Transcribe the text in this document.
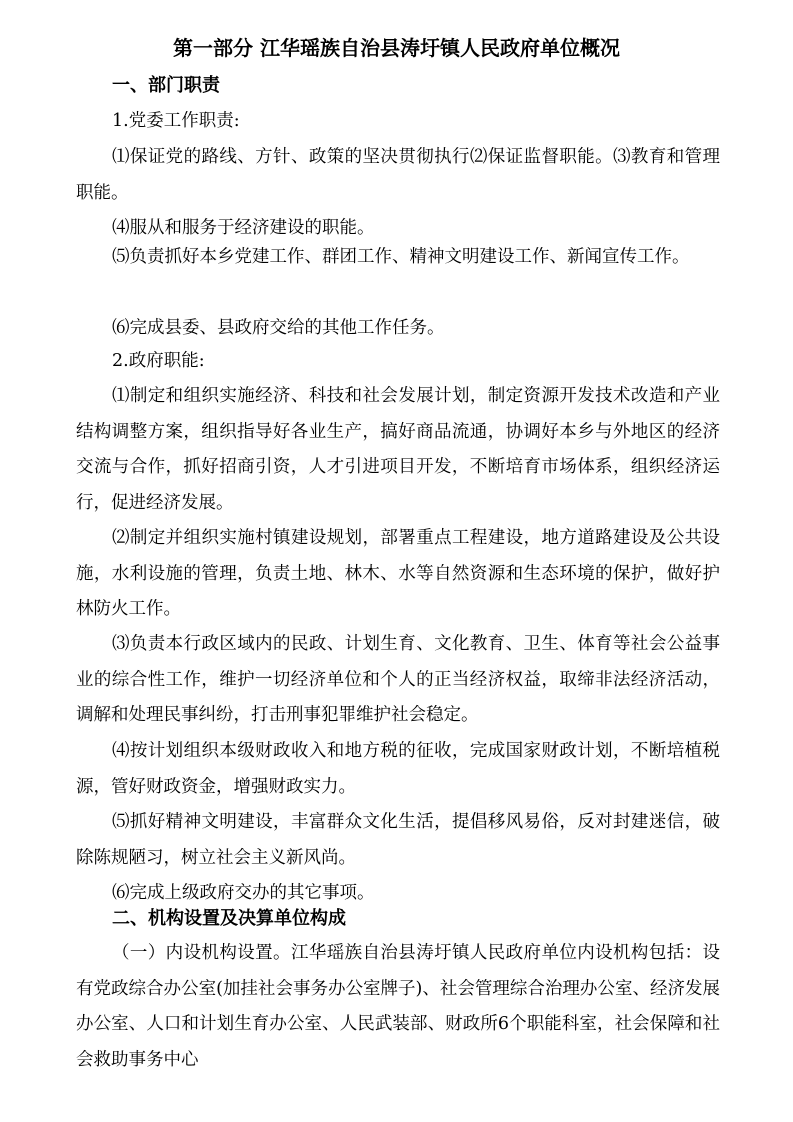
第一部分 江华瑶族自治县涛圩镇人民政府单位概况
一、部门职责

1.党委工作职责:

⑴保证党的路线、方针、政策的坚决贯彻执行⑵保证监督职能。⑶教育和管理职能。

⑷服从和服务于经济建设的职能。

⑸负责抓好本乡党建工作、群团工作、精神文明建设工作、新闻宣传工作。

⑹完成县委、县政府交给的其他工作任务。

2.政府职能:

⑴制定和组织实施经济、科技和社会发展计划，制定资源开发技术改造和产业结构调整方案，组织指导好各业生产，搞好商品流通，协调好本乡与外地区的经济交流与合作，抓好招商引资，人才引进项目开发，不断培育市场体系，组织经济运行，促进经济发展。

⑵制定并组织实施村镇建设规划，部署重点工程建设，地方道路建设及公共设施，水利设施的管理，负责土地、林木、水等自然资源和生态环境的保护，做好护林防火工作。

⑶负责本行政区域内的民政、计划生育、文化教育、卫生、体育等社会公益事业的综合性工作，维护一切经济单位和个人的正当经济权益，取缔非法经济活动，调解和处理民事纠纷，打击刑事犯罪维护社会稳定。

⑷按计划组织本级财政收入和地方税的征收，完成国家财政计划，不断培植税源，管好财政资金，增强财政实力。

⑸抓好精神文明建设，丰富群众文化生活，提倡移风易俗，反对封建迷信，破除陈规陋习，树立社会主义新风尚。

⑹完成上级政府交办的其它事项。

二、机构设置及决算单位构成

（一）内设机构设置。江华瑶族自治县涛圩镇人民政府单位内设机构包括：设有党政综合办公室(加挂社会事务办公室牌子)、社会管理综合治理办公室、经济发展办公室、人口和计划生育办公室、人民武装部、财政所6个职能科室，社会保障和社会救助事务中心
